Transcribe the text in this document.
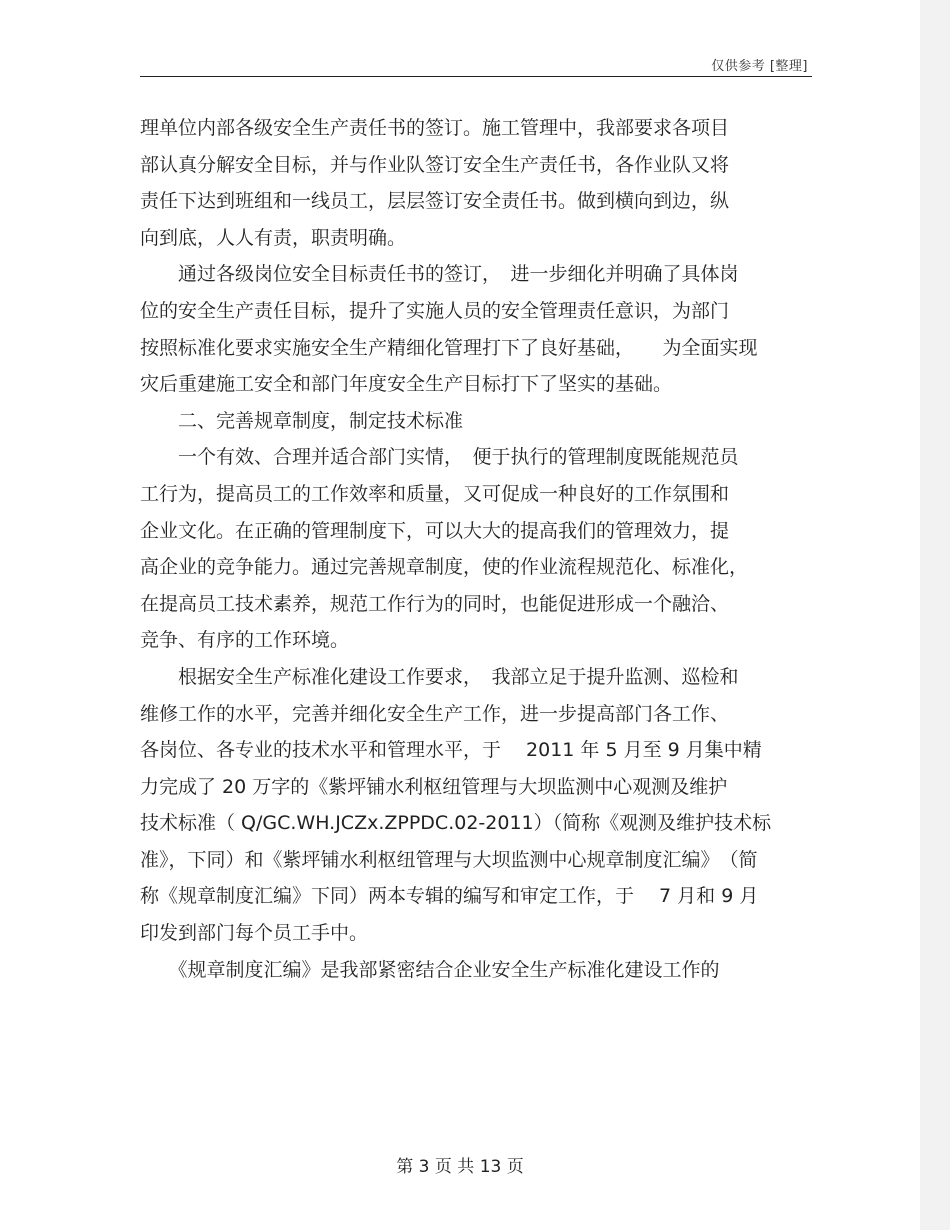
仅供参考 [整理]
理单位内部各级安全生产责任书的签订。施工管理中，我部要求各项目
部认真分解安全目标，并与作业队签订安全生产责任书，各作业队又将
责任下达到班组和一线员工，层层签订安全责任书。做到横向到边，纵
向到底，人人有责，职责明确。
　　通过各级岗位安全目标责任书的签订，　进一步细化并明确了具体岗
位的安全生产责任目标，提升了实施人员的安全管理责任意识，为部门
按照标准化要求实施安全生产精细化管理打下了良好基础，　　为全面实现
灾后重建施工安全和部门年度安全生产目标打下了坚实的基础。
　　二、完善规章制度，制定技术标准
　　一个有效、合理并适合部门实情，　便于执行的管理制度既能规范员
工行为，提高员工的工作效率和质量，又可促成一种良好的工作氛围和
企业文化。在正确的管理制度下，可以大大的提高我们的管理效力，提
高企业的竞争能力。通过完善规章制度，使的作业流程规范化、标准化，
在提高员工技术素养，规范工作行为的同时，也能促进形成一个融洽、
竞争、有序的工作环境。
　　根据安全生产标准化建设工作要求，　我部立足于提升监测、巡检和
维修工作的水平，完善并细化安全生产工作，进一步提高部门各工作、
各岗位、各专业的技术水平和管理水平，于　 2011 年 5 月至 9 月集中精
力完成了 20 万字的《紫坪铺水利枢纽管理与大坝监测中心观测及维护
技术标准（ Q/GC.WH.JCZx.ZPPDC.02-2011）（简称《观测及维护技术标
准》，下同）和《紫坪铺水利枢纽管理与大坝监测中心规章制度汇编》　（简
称《规章制度汇编》下同）两本专辑的编写和审定工作，于　 7 月和 9 月
印发到部门每个员工手中。
　　《规章制度汇编》是我部紧密结合企业安全生产标准化建设工作的
第 3 页 共 13 页
